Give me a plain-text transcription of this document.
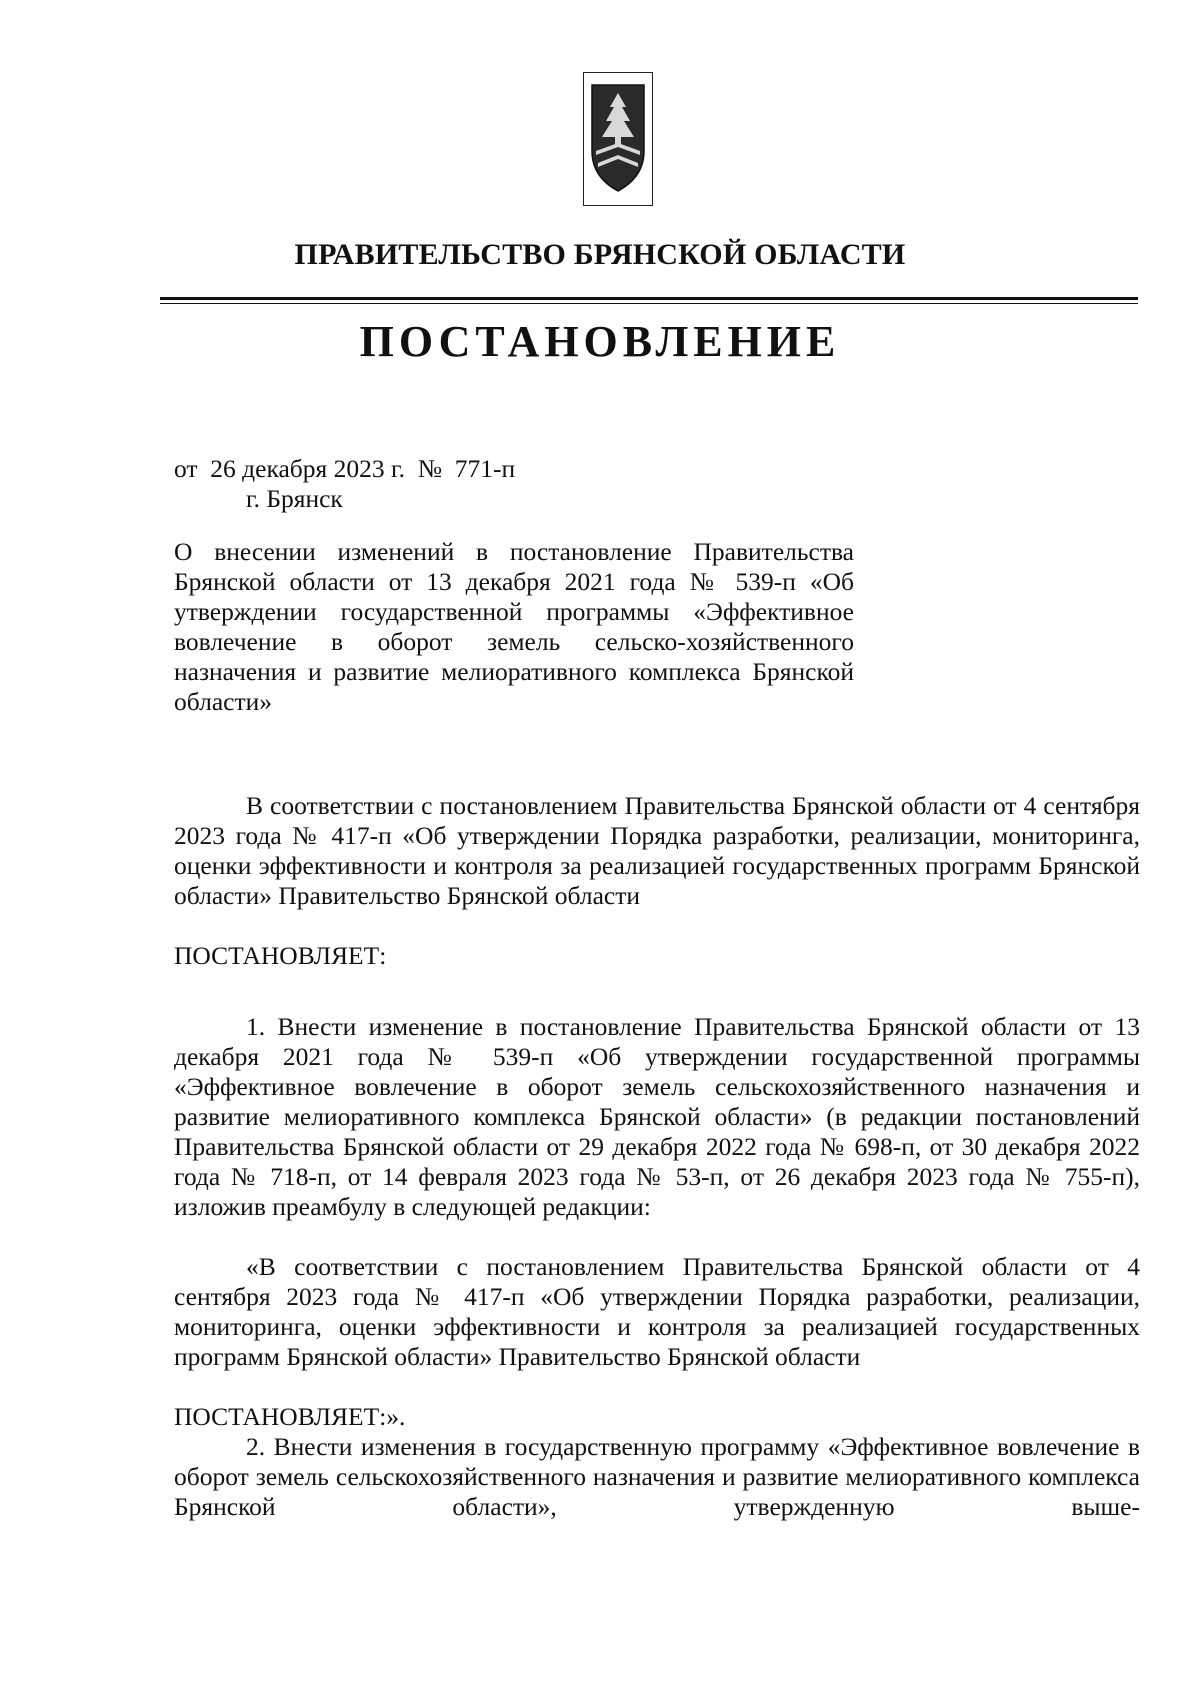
ПРАВИТЕЛЬСТВО БРЯНСКОЙ ОБЛАСТИ
ПОСТАНОВЛЕНИЕ
от  26 декабря 2023 г.  №  771-п
г. Брянск
О внесении изменений в постановление Правительства Брянской области от 13 декабря 2021 года № 539-п «Об утверждении государственной программы «Эффективное вовлечение в оборот земель сельско-хозяйственного назначения и развитие мелиоративного комплекса Брянской области»
В соответствии с постановлением Правительства Брянской области от 4 сентября 2023 года № 417-п «Об утверждении Порядка разработки, реализации, мониторинга, оценки эффективности и контроля за реализацией государственных программ Брянской области» Правительство Брянской области
ПОСТАНОВЛЯЕТ:
1. Внести изменение в постановление Правительства Брянской области от 13 декабря 2021 года № 539-п «Об утверждении государственной программы «Эффективное вовлечение в оборот земель сельскохозяйственного назначения и развитие мелиоративного комплекса Брянской области» (в редакции постановлений Правительства Брянской области от 29 декабря 2022 года № 698-п, от 30 декабря 2022 года № 718-п, от 14 февраля 2023 года № 53-п, от 26 декабря 2023 года № 755-п), изложив преамбулу в следующей редакции:
«В соответствии с постановлением Правительства Брянской области от 4 сентября 2023 года № 417-п «Об утверждении Порядка разработки, реализации, мониторинга, оценки эффективности и контроля за реализацией государственных программ Брянской области» Правительство Брянской области
ПОСТАНОВЛЯЕТ:».
2. Внести изменения в государственную программу «Эффективное вовлечение в оборот земель сельскохозяйственного назначения и развитие мелиоративного комплекса Брянской области», утвержденную выше-
